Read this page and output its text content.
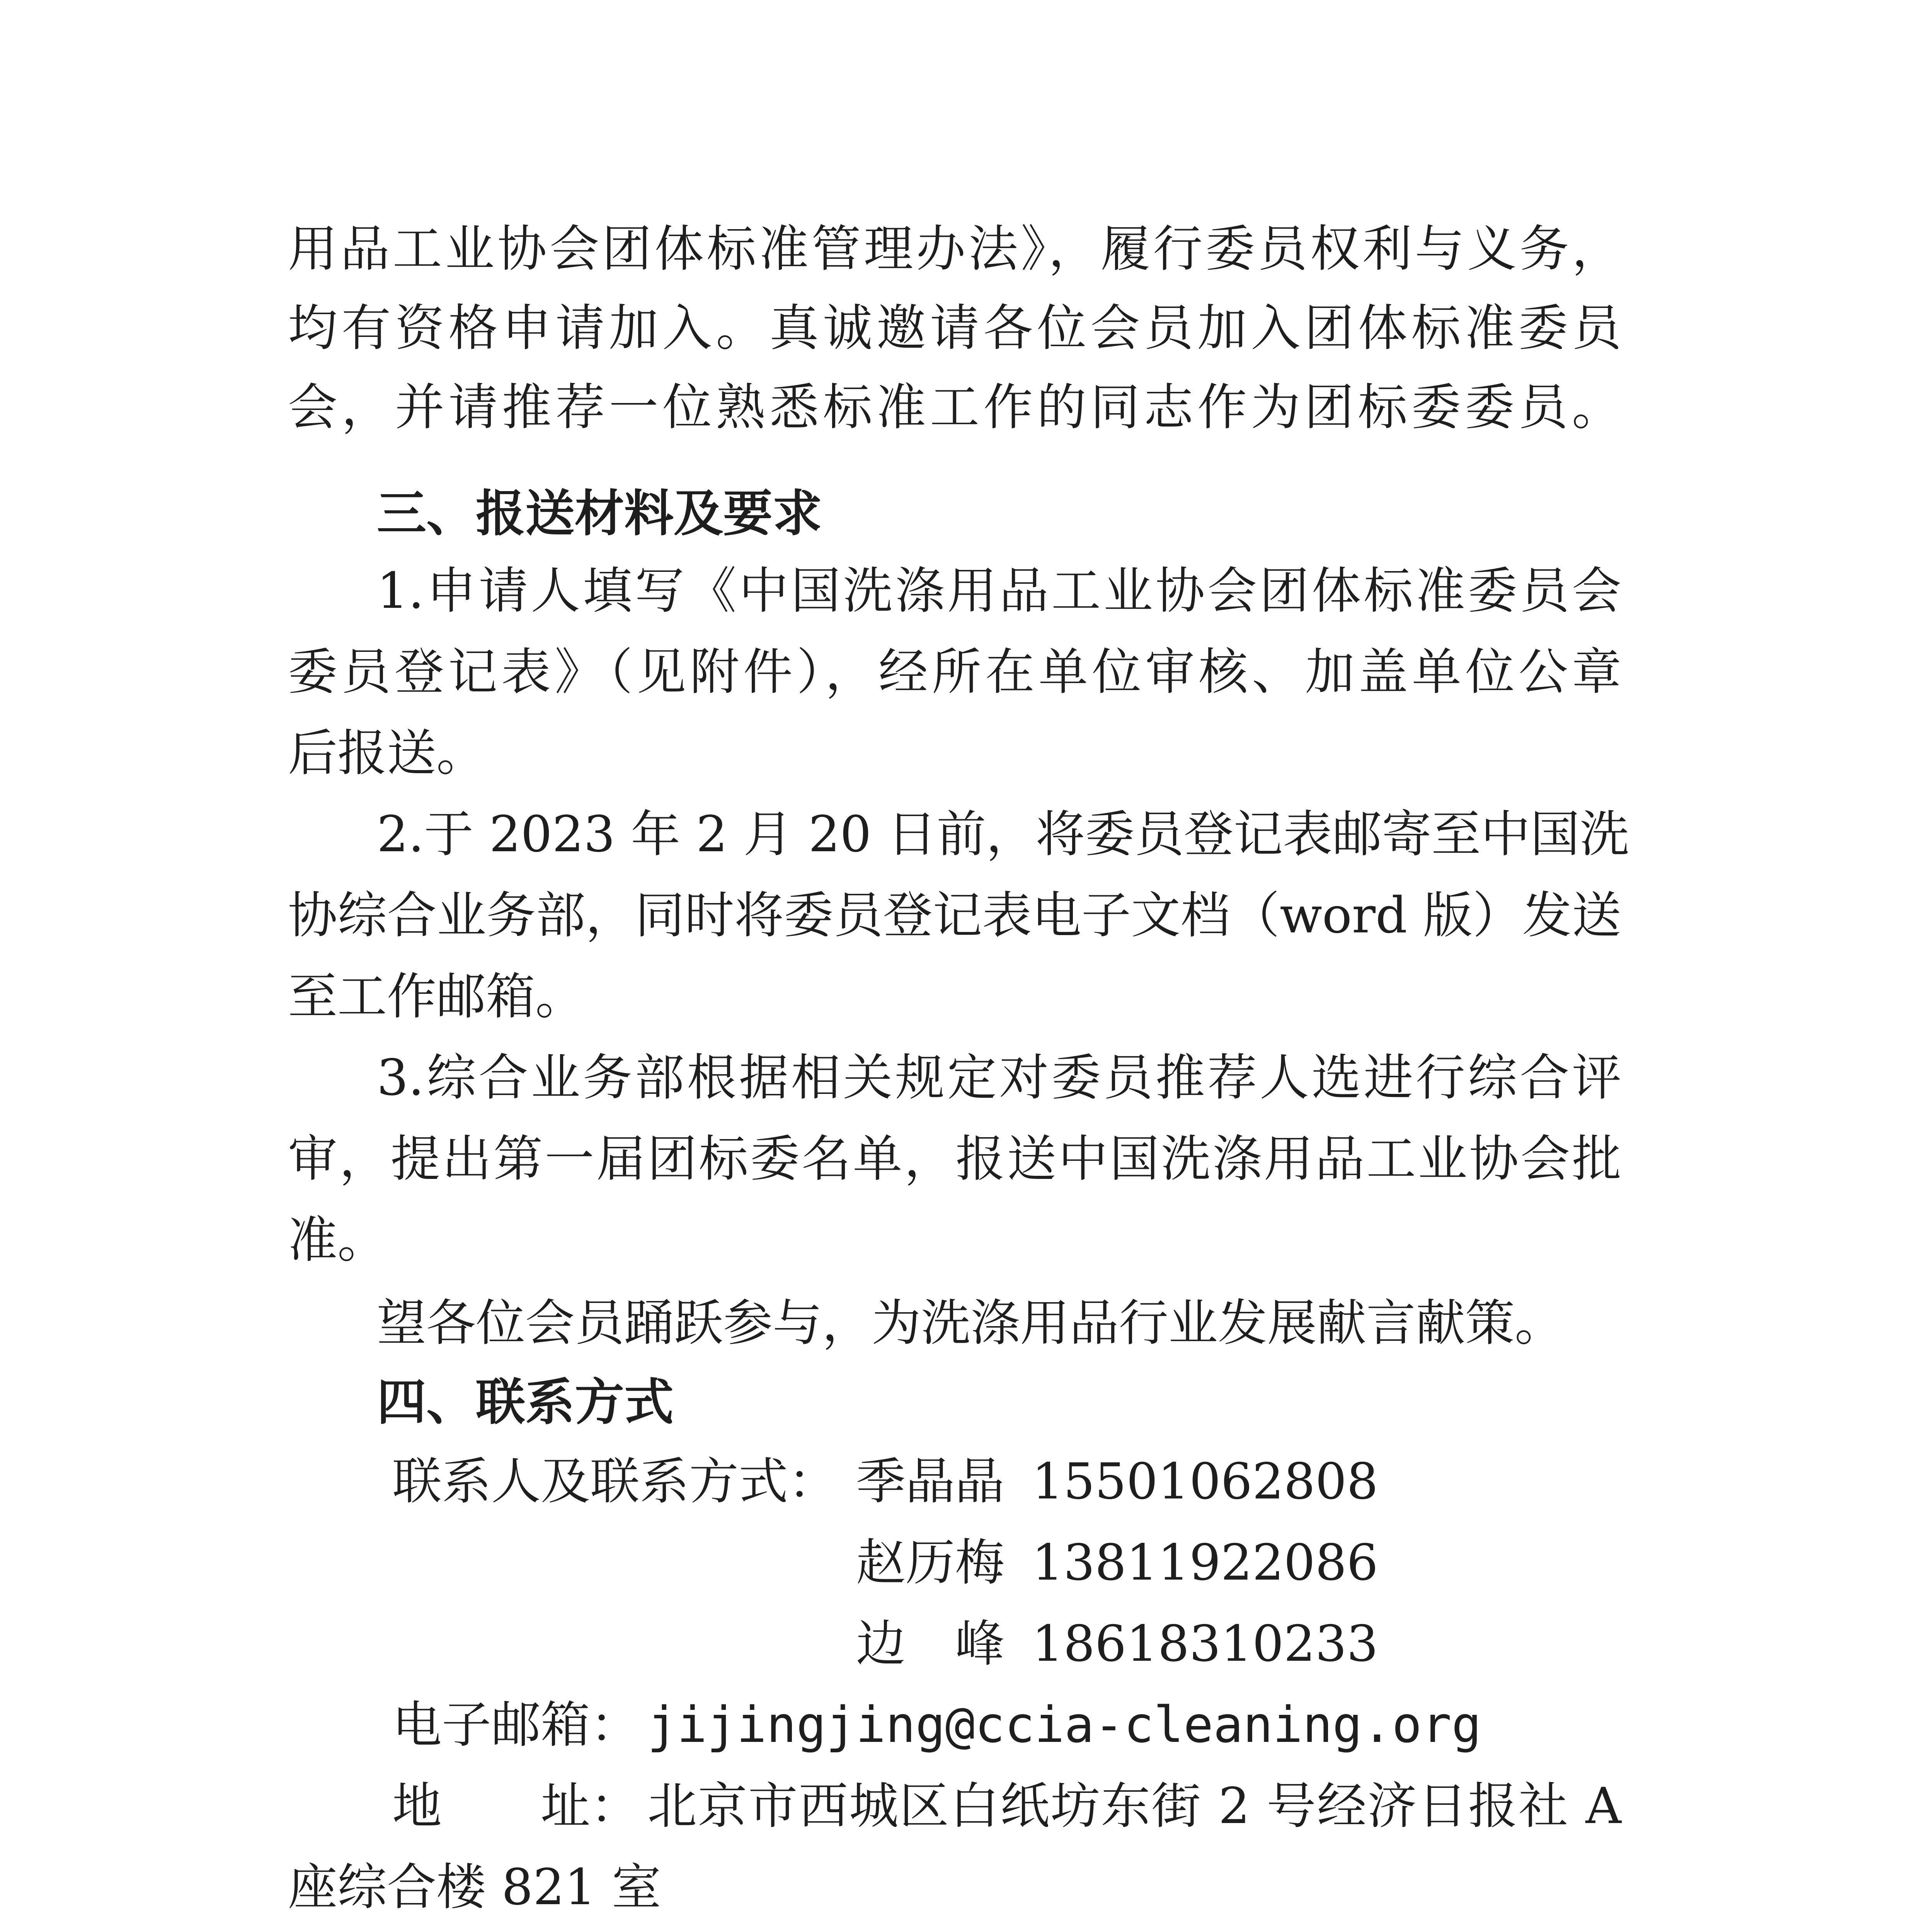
用品工业协会团体标准管理办法》，履行委员权利与义务，
均有资格申请加入。真诚邀请各位会员加入团体标准委员
会，并请推荐一位熟悉标准工作的同志作为团标委委员。
三、报送材料及要求
1.申请人填写《中国洗涤用品工业协会团体标准委员会
委员登记表》（见附件），经所在单位审核、加盖单位公章
后报送。
2.于 2023 年 2 月 20 日前，将委员登记表邮寄至中国洗
协综合业务部，同时将委员登记表电子文档（word 版）发送
至工作邮箱。
3.综合业务部根据相关规定对委员推荐人选进行综合评
审，提出第一届团标委名单，报送中国洗涤用品工业协会批
准。
望各位会员踊跃参与，为洗涤用品行业发展献言献策。
四、联系方式
联系人及联系方式： 季晶晶 15501062808
赵历梅 13811922086
边　峰 18618310233
电子邮箱： jijingjing@ccia-cleaning.org
地　　址： 北京市西城区白纸坊东街 2 号经济日报社 A
座综合楼 821 室
